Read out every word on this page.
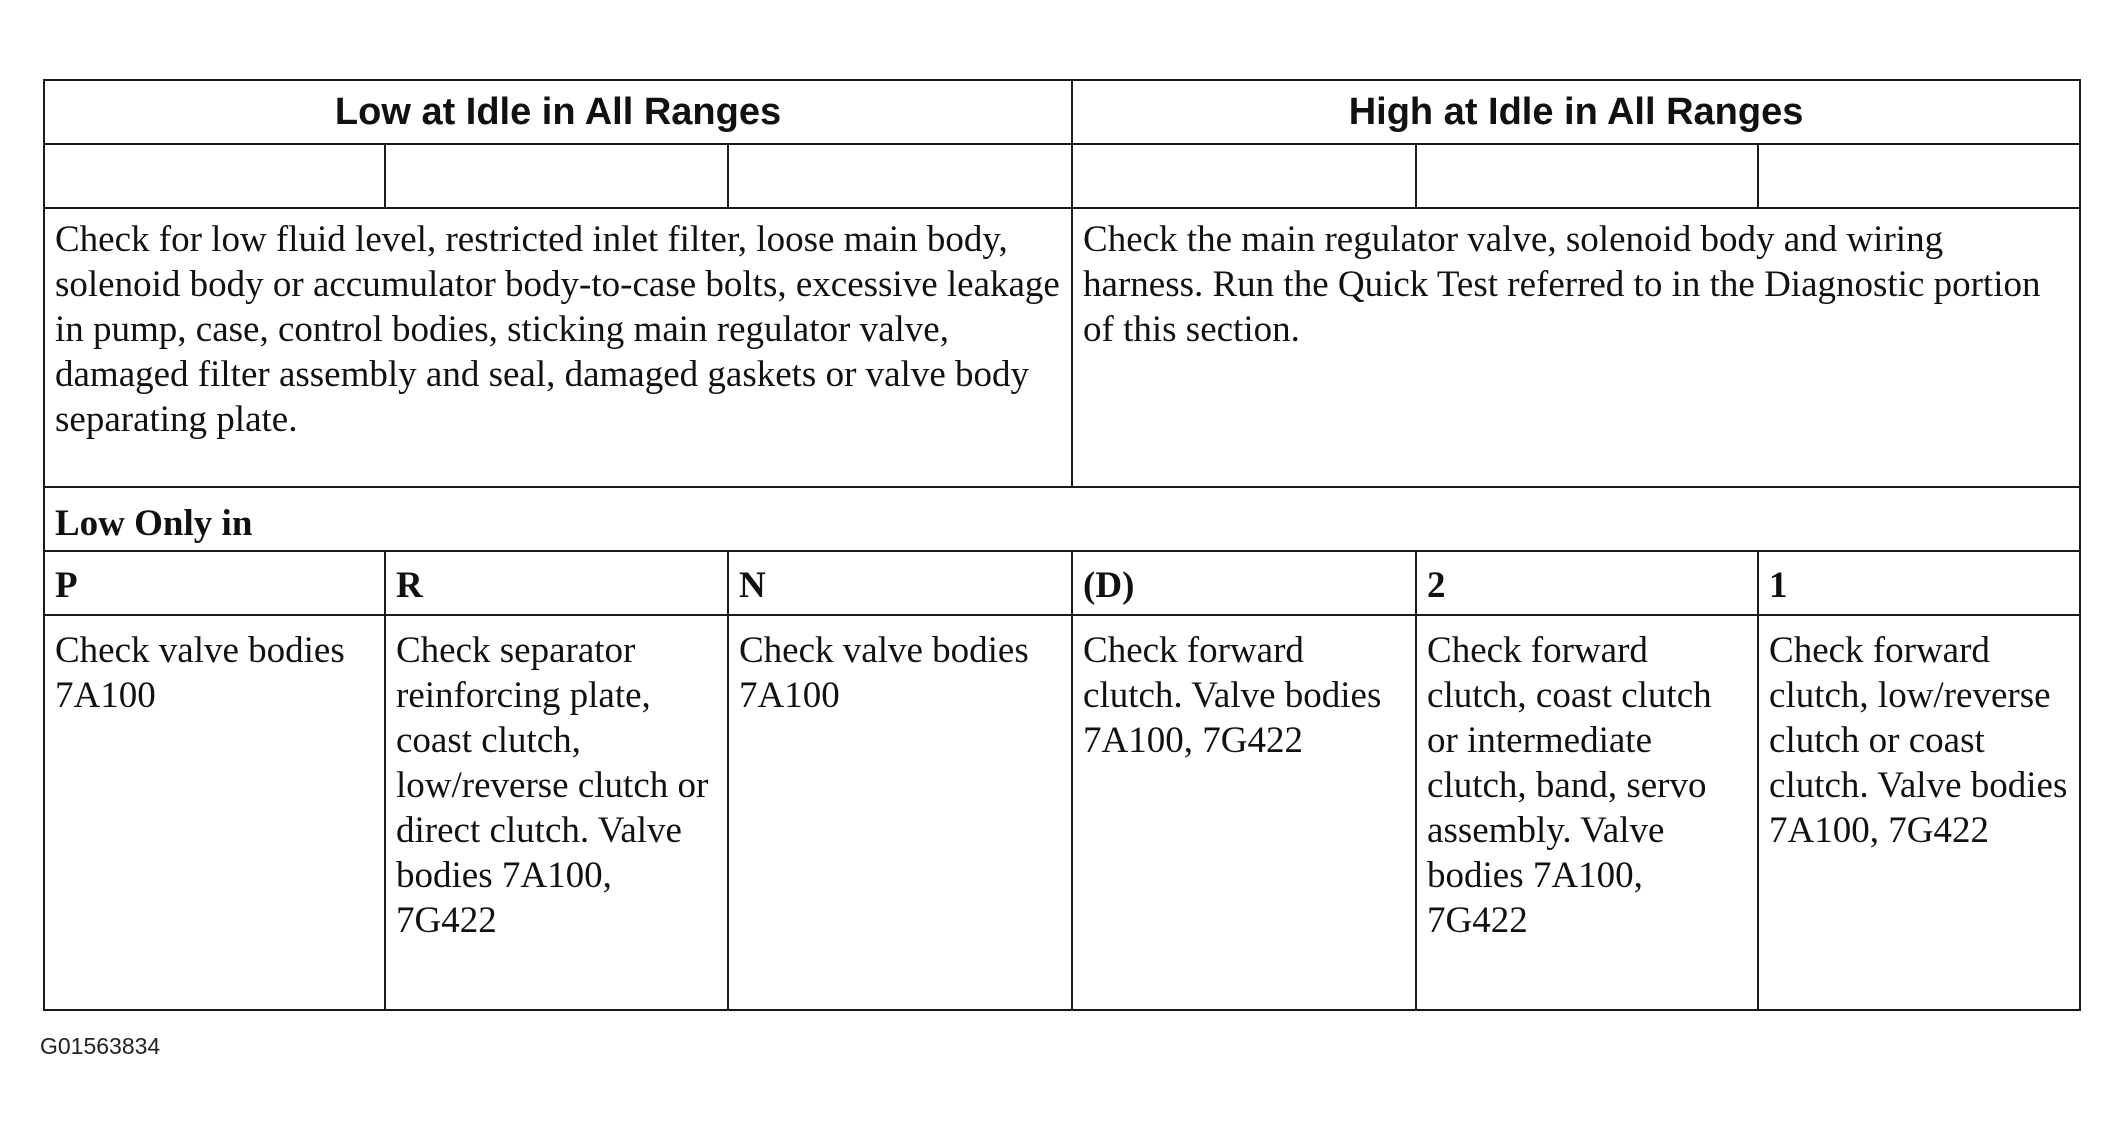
Low at Idle in All Ranges			High at Idle in All Ranges		

Check for low fluid level, restricted inlet filter, loose main body, solenoid body or accumulator body-to-case bolts, excessive leakage in pump, case, control bodies, sticking main regulator valve, damaged filter assembly and seal, damaged gaskets or valve body separating plate.			Check the main regulator valve, solenoid body and wiring harness. Run the Quick Test referred to in the Diagnostic portion of this section.		
Low Only in					
P	R	N	(D)	2	1
Check valve bodies 7A100	Check separator reinforcing plate, coast clutch, low/reverse clutch or direct clutch. Valve bodies 7A100, 7G422	Check valve bodies 7A100	Check forward clutch. Valve bodies 7A100, 7G422	Check forward clutch, coast clutch or intermediate clutch, band, servo assembly. Valve bodies 7A100, 7G422	Check forward clutch, low/reverse clutch or coast clutch. Valve bodies 7A100, 7G422
G01563834
